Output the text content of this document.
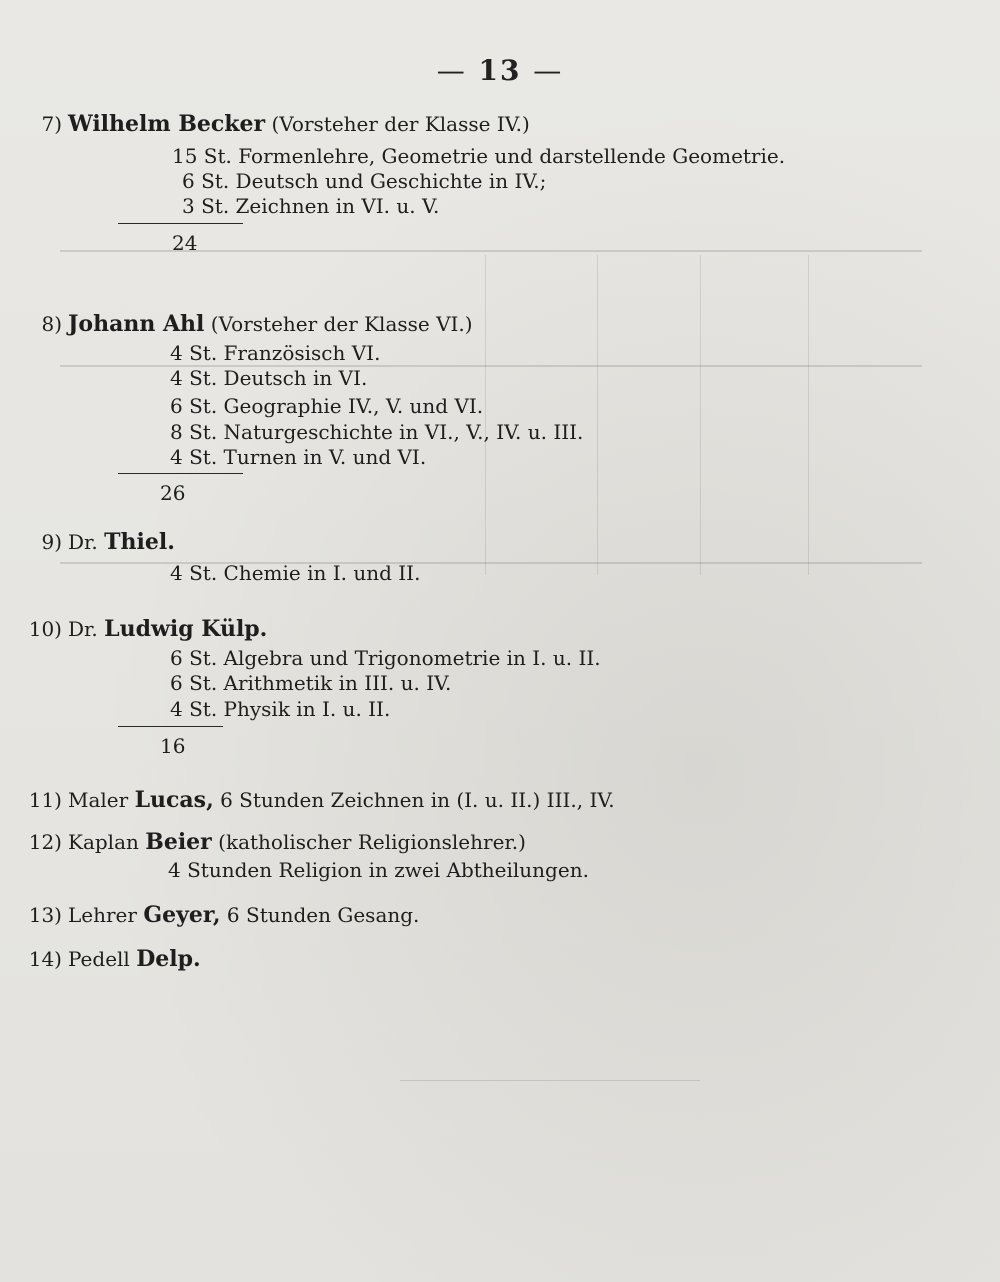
— 13 —
7) Wilhelm Becker (Vorsteher der Klasse IV.)
15 St. Formenlehre, Geometrie und darstellende Geometrie.
6 St. Deutsch und Geschichte in IV.;
3 St. Zeichnen in VI. u. V.
24
8) Johann Ahl (Vorsteher der Klasse VI.)
4 St. Französisch VI.
4 St. Deutsch in VI.
6 St. Geographie IV., V. und VI.
8 St. Naturgeschichte in VI., V., IV. u. III.
4 St. Turnen in V. und VI.
26
9) Dr. Thiel.
4 St. Chemie in I. und II.
10) Dr. Ludwig Külp.
6 St. Algebra und Trigonometrie in I. u. II.
6 St. Arithmetik in III. u. IV.
4 St. Physik in I. u. II.
16
11) Maler Lucas, 6 Stunden Zeichnen in (I. u. II.) III., IV.
12) Kaplan Beier (katholischer Religionslehrer.)
4 Stunden Religion in zwei Abtheilungen.
13) Lehrer Geyer, 6 Stunden Gesang.
14) Pedell Delp.
